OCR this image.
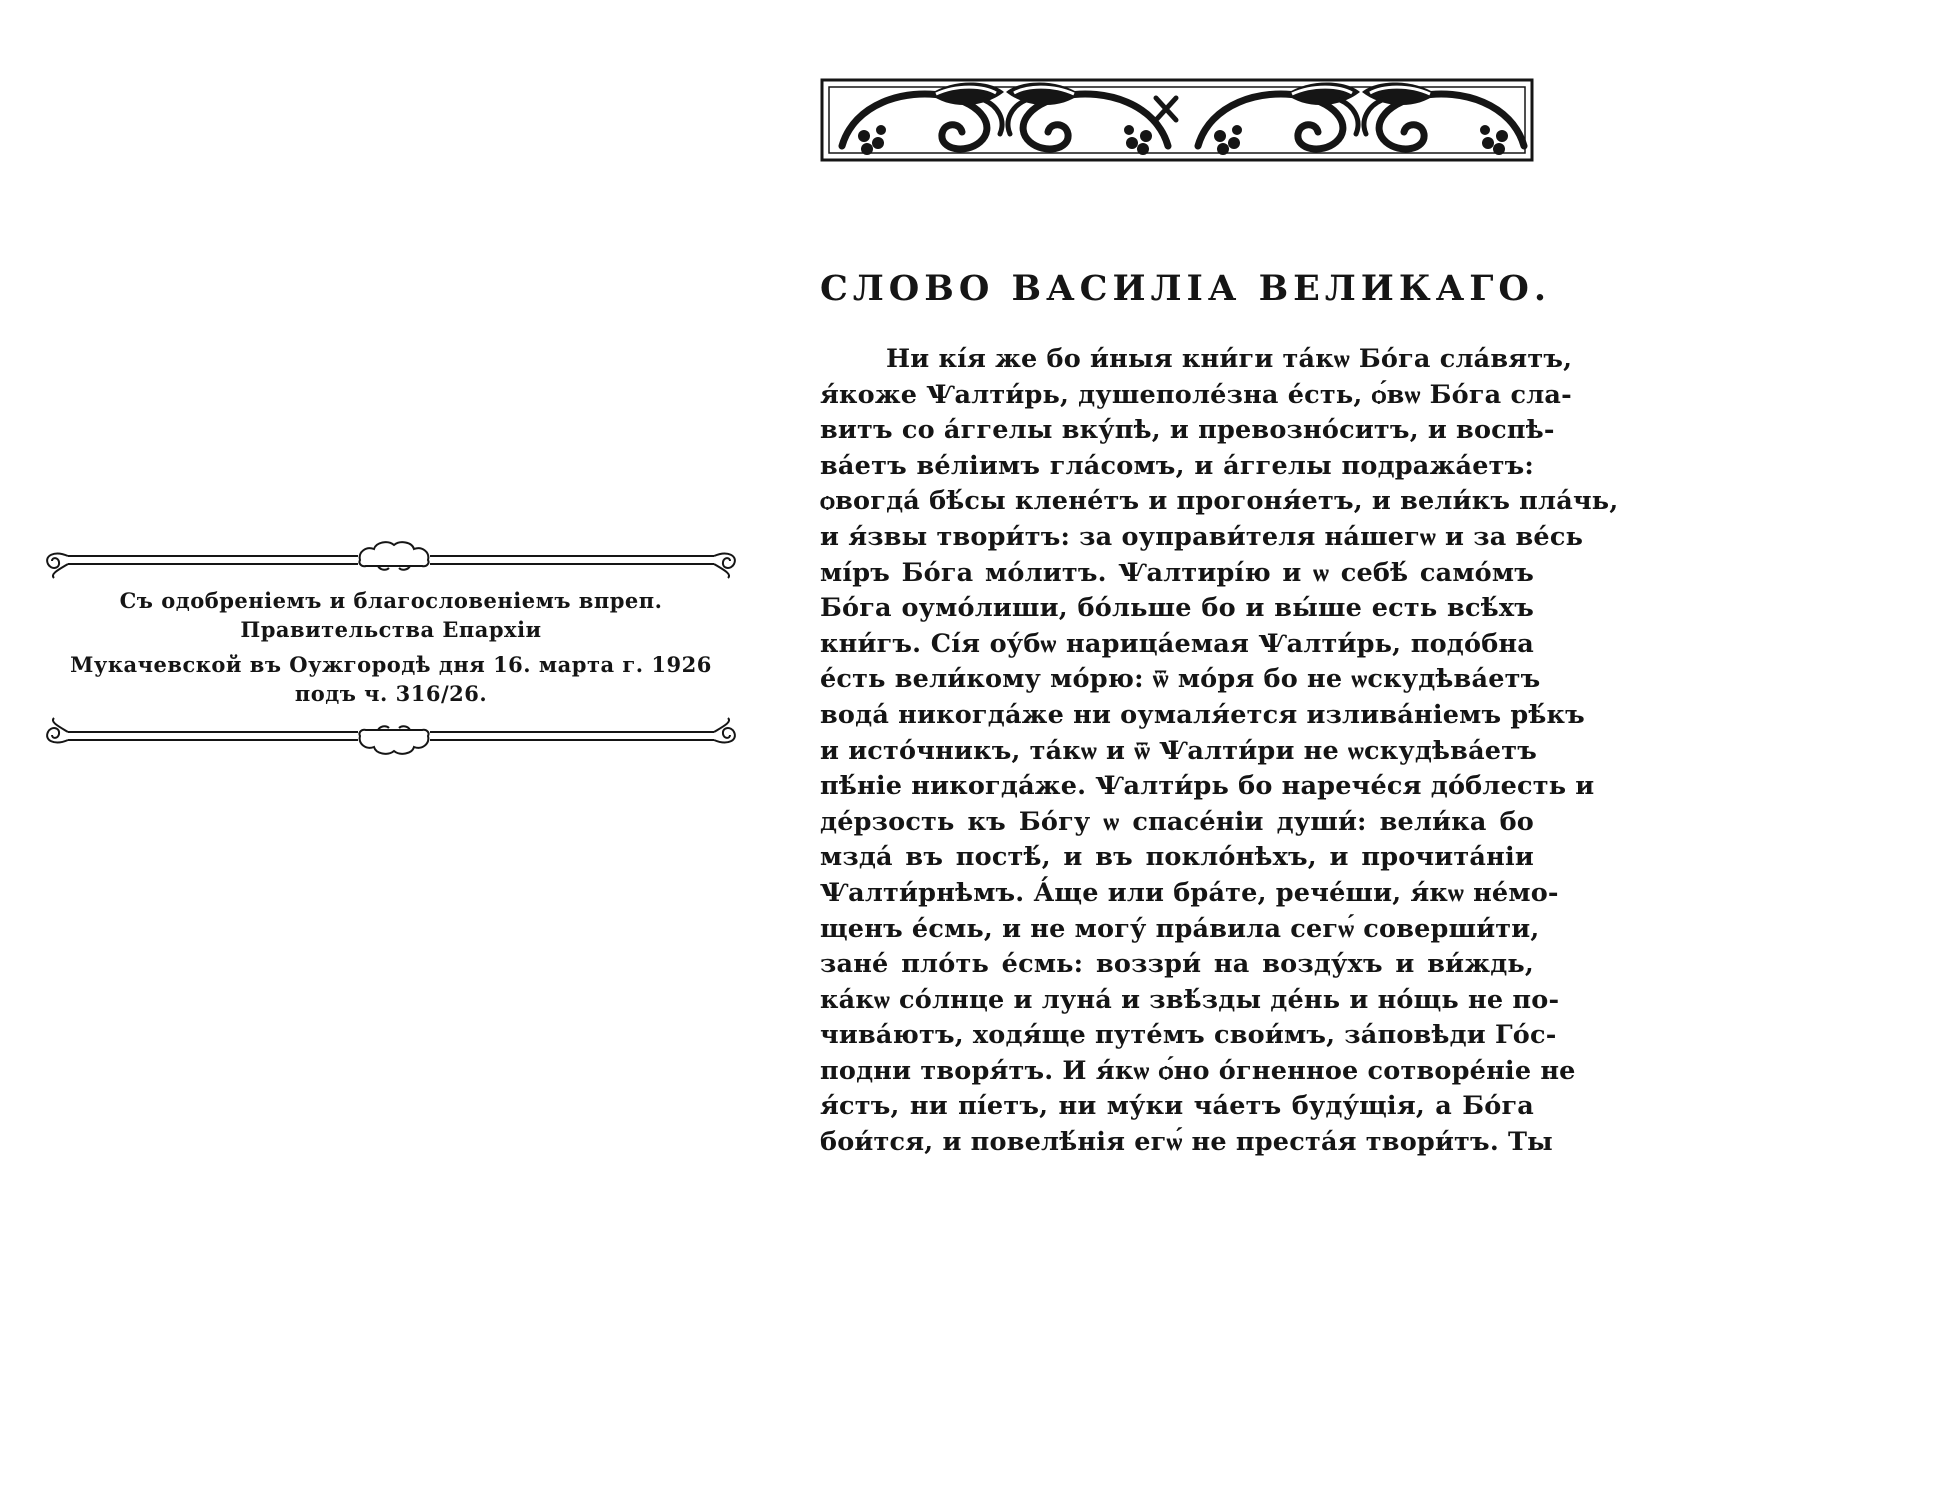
Съ одобреніемъ и благословеніемъ впреп. Правительства Епархіи
Мукачевской въ Оужгородѣ дня 16. марта г. 1926 подъ ч. 316/26.
СЛОВО ВАСИЛІА ВЕЛИКАГО.
Ни кі́я же бо и́ныя кни́ги та́кѡ Бо́га сла́вятъ,
я́коже Ѱалти́рь, душеполе́зна е́сть, ѻ́вѡ Бо́га сла-
витъ со а́ггелы вку́пѣ, и превозно́ситъ, и воспѣ-
ва́етъ ве́ліимъ гла́сомъ, и а́ггелы подража́етъ:
ѻвогда́ бѣ́сы клене́тъ и прогоня́етъ, и вели́къ пла́чь,
и я́звы твори́тъ: за оуправи́теля на́шегѡ и за ве́сь
мі́ръ Бо́га мо́литъ. Ѱалтирі́ю и ѡ себѣ́ само́мъ
Бо́га оумо́лиши, бо́льше бо и вы́ше есть всѣ́хъ
кни́гъ. Сі́я оу́бѡ нарица́емая Ѱалти́рь, подо́бна
е́сть вели́кому мо́рю: ѿ мо́ря бо не ѡскудѣва́етъ
вода́ никогда́же ни оумаля́ется излива́ніемъ рѣ́къ
и исто́чникъ, та́кѡ и ѿ Ѱалти́ри не ѡскудѣва́етъ
пѣ́ніе никогда́же. Ѱалти́рь бо нарече́ся до́блесть и
де́рзость къ Бо́гу ѡ спасе́ніи души́: вели́ка бо
мзда́ въ постѣ́, и въ покло́нѣхъ, и прочита́ніи
Ѱалти́рнѣмъ. А́ще или бра́те, рече́ши, я́кѡ не́мо-
щенъ е́смь, и не могу́ пра́вила сегѡ́ соверши́ти,
зане́ пло́ть е́смь: воззри́ на возду́хъ и ви́ждь,
ка́кѡ со́лнце и луна́ и звѣ́зды де́нь и но́щь не по-
чива́ютъ, ходя́ще путе́мъ свои́мъ, за́повѣди Го́с-
подни творя́тъ. И я́кѡ ѻ́но о́гненное сотворе́ніе не
я́стъ, ни пі́етъ, ни му́ки ча́етъ буду́щія, а Бо́га
бои́тся, и повелѣ́нія егѡ́ не преста́я твори́тъ. Ты
